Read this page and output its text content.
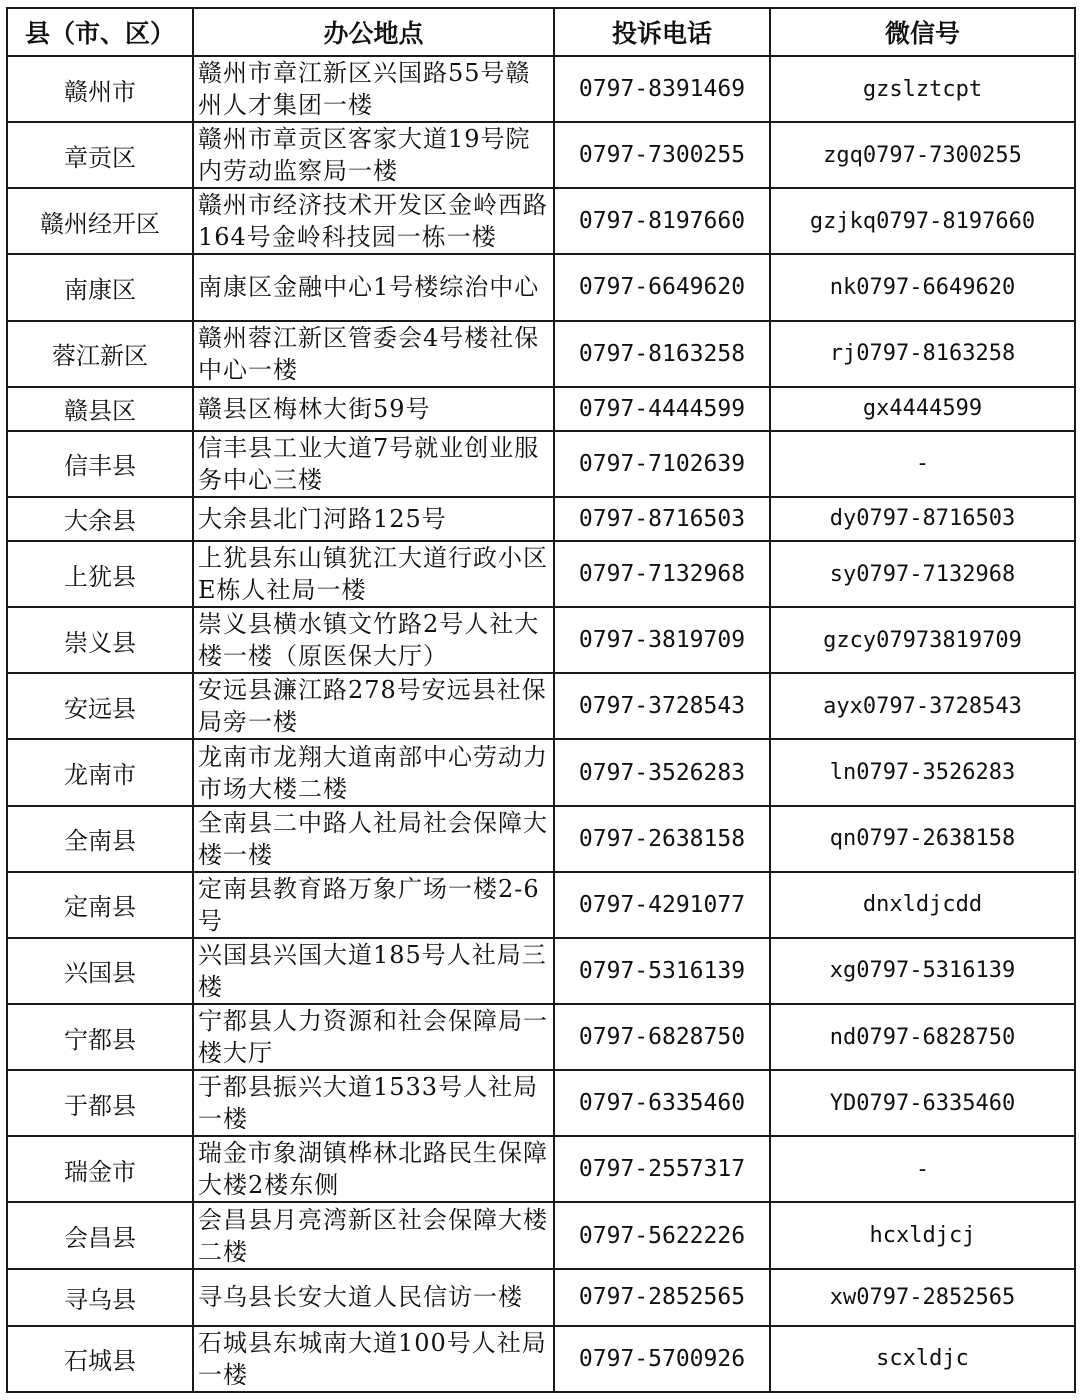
县（市、区）	办公地点	投诉电话	微信号
赣州市	赣州市章江新区兴国路55号赣州人才集团一楼	0797-8391469	gzslztcpt
章贡区	赣州市章贡区客家大道19号院内劳动监察局一楼	0797-7300255	zgq0797-7300255
赣州经开区	赣州市经济技术开发区金岭西路164号金岭科技园一栋一楼	0797-8197660	gzjkq0797-8197660
南康区	南康区金融中心1号楼综治中心	0797-6649620	nk0797-6649620
蓉江新区	赣州蓉江新区管委会4号楼社保中心一楼	0797-8163258	rj0797-8163258
赣县区	赣县区梅林大街59号	0797-4444599	gx4444599
信丰县	信丰县工业大道7号就业创业服务中心三楼	0797-7102639	-
大余县	大余县北门河路125号	0797-8716503	dy0797-8716503
上犹县	上犹县东山镇犹江大道行政小区E栋人社局一楼	0797-7132968	sy0797-7132968
崇义县	崇义县横水镇文竹路2号人社大楼一楼（原医保大厅）	0797-3819709	gzcy07973819709
安远县	安远县濂江路278号安远县社保局旁一楼	0797-3728543	ayx0797-3728543
龙南市	龙南市龙翔大道南部中心劳动力市场大楼二楼	0797-3526283	ln0797-3526283
全南县	全南县二中路人社局社会保障大楼一楼	0797-2638158	qn0797-2638158
定南县	定南县教育路万象广场一楼2-6号	0797-4291077	dnxldjcdd
兴国县	兴国县兴国大道185号人社局三楼	0797-5316139	xg0797-5316139
宁都县	宁都县人力资源和社会保障局一楼大厅	0797-6828750	nd0797-6828750
于都县	于都县振兴大道1533号人社局一楼	0797-6335460	YD0797-6335460
瑞金市	瑞金市象湖镇桦林北路民生保障大楼2楼东侧	0797-2557317	-
会昌县	会昌县月亮湾新区社会保障大楼二楼	0797-5622226	hcxldjcj
寻乌县	寻乌县长安大道人民信访一楼	0797-2852565	xw0797-2852565
石城县	石城县东城南大道100号人社局一楼	0797-5700926	scxldjc
